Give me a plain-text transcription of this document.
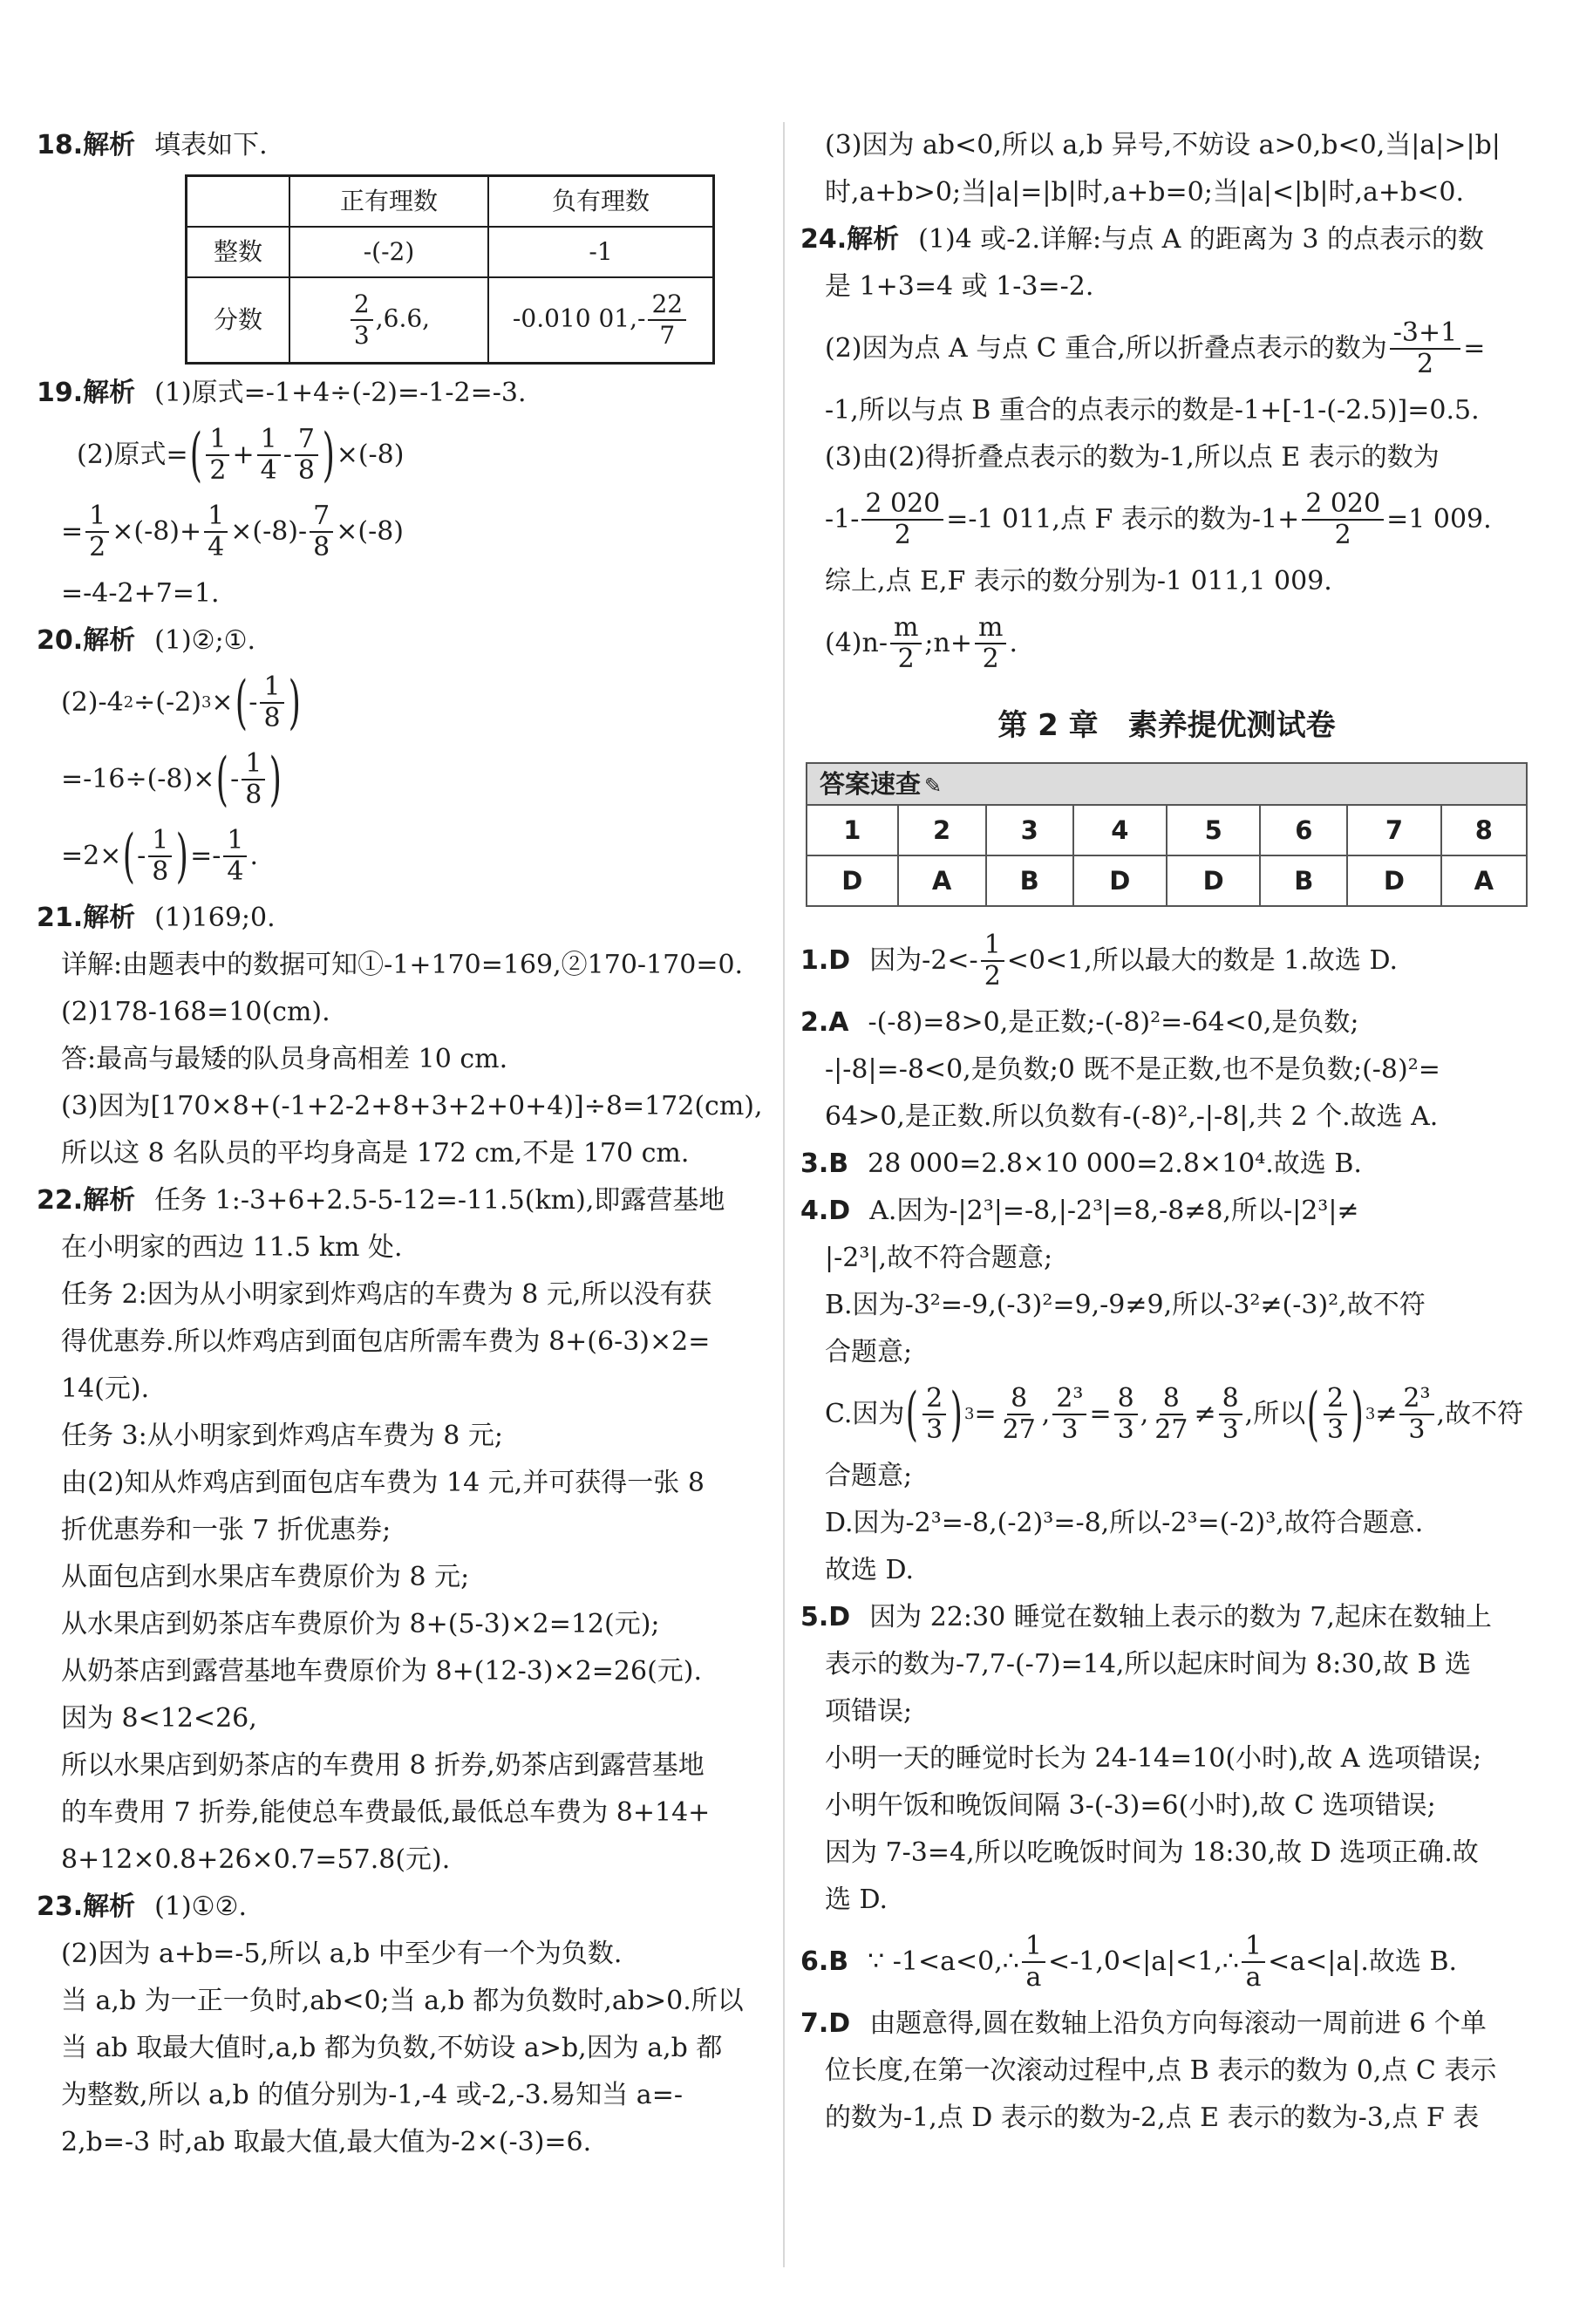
18.解析 填表如下.
	正有理数	负有理数
整数	-(-2)	-1
分数	$\frac{2}{3} ,6.6$,	-0.010 $01,- \frac{22}{7}$
19.解析 (1)原式=-1+4÷(-2)=-1-2=-3.
(2)原式= ( $\frac{1}{2} + \frac{1}{4} - \frac{7}{8}$ ) ×(-8)
= $\frac{1}{2} \times(-8)+ \frac{1}{4} \times(-8)- \frac{7}{8} \times(-8)$
=-4-2+7=1.
20.解析 (1)②;①.
(2)-4 2 ÷(-2) 3 × ( - $\frac{1}{8}$ )
=-16÷(-8)× ( - $\frac{1}{8}$ )
=2× ( - $\frac{1}{8}$ ) =- $\frac{1}{4}$ .
21.解析 (1)169;0.
详解:由题表中的数据可知①-1+170=169,②170-170=0.
(2)178-168=10(cm).
答:最高与最矮的队员身高相差 10 cm.
(3)因为[170×8+(-1+2-2+8+3+2+0+4)]÷8=172(cm),
所以这 8 名队员的平均身高是 172 cm,不是 170 cm.
22.解析 任务 1:-3+6+2.5-5-12=-11.5(km),即露营基地
在小明家的西边 11.5 km 处.
任务 2:因为从小明家到炸鸡店的车费为 8 元,所以没有获
得优惠券.所以炸鸡店到面包店所需车费为 8+(6-3)×2=
14(元).
任务 3:从小明家到炸鸡店车费为 8 元;
由(2)知从炸鸡店到面包店车费为 14 元,并可获得一张 8
折优惠券和一张 7 折优惠券;
从面包店到水果店车费原价为 8 元;
从水果店到奶茶店车费原价为 8+(5-3)×2=12(元);
从奶茶店到露营基地车费原价为 8+(12-3)×2=26(元).
因为 8<12<26,
所以水果店到奶茶店的车费用 8 折券,奶茶店到露营基地
的车费用 7 折券,能使总车费最低,最低总车费为 8+14+
8+12×0.8+26×0.7=57.8(元).
23.解析 (1)①②.
(2)因为 a+b=-5,所以 a,b 中至少有一个为负数.
当 a,b 为一正一负时,ab<0;当 a,b 都为负数时,ab>0.所以
当 ab 取最大值时,a,b 都为负数,不妨设 a>b,因为 a,b 都
为整数,所以 a,b 的值分别为-1,-4 或-2,-3.易知当 a=-
2,b=-3 时,ab 取最大值,最大值为-2×(-3)=6.
(3)因为 ab<0,所以 a,b 异号,不妨设 a>0,b<0,当|a|>|b|
时,a+b>0;当|a|=|b|时,a+b=0;当|a|<|b|时,a+b<0.
24.解析 (1)4 或-2.详解:与点 A 的距离为 3 的点表示的数
是 1+3=4 或 1-3=-2.
(2)因为点 A 与点 C 重合,所以折叠点表示的数为 $\frac{-3+1}{2}$ =
-1,所以与点 B 重合的点表示的数是-1+[-1-(-2.5)]=0.5.
(3)由(2)得折叠点表示的数为-1,所以点 E 表示的数为
$-1- \frac{2 020}{2} =-1$ 011,点 F 表示的数为$-1+ \frac{2 020}{2} =1$ 009.
综上,点 E,F 表示的数分别为-1 011,1 009.
$(4)n- \frac{m}{2}$ ;n+ $\frac{m}{2}$ .
第 2 章　素养提优测试卷
答案速查 ✎
1	2	3	4	5	6	7	8
D	A	B	D	D	B	D	A
1.D 因为$-2<- \frac{1}{2} <0<1$,所以最大的数是 1.故选 D.
2.A -(-8)=8>0,是正数;-(-8)²=-64<0,是负数;
-|-8|=-8<0,是负数;0 既不是正数,也不是负数;(-8)²=
64>0,是正数.所以负数有-(-8)²,-|-8|,共 2 个.故选 A.
3.B 28 000=2.8×10 000=2.8×10⁴.故选 B.
4.D A.因为-|2³|=-8,|-2³|=8,-8≠8,所以-|2³|≠
|-2³|,故不符合题意;
B.因为-3²=-9,(-3)²=9,-9≠9,所以-3²≠(-3)²,故不符
合题意;
C.因为 ( $\frac{2}{3}$ ) $3 = \frac{8}{27}$ , $\frac{\text{2³}}{3} = \frac{8}{3}$ , $\frac{8}{27} \ne \frac{8}{3}$ ,所以 ( $\frac{2}{3}$ ) $3 \ne \frac{\text{2³}}{3}$ ,故不符
合题意;
D.因为-2³=-8,(-2)³=-8,所以-2³=(-2)³,故符合题意.
故选 D.
5.D 因为 22:30 睡觉在数轴上表示的数为 7,起床在数轴上
表示的数为-7,7-(-7)=14,所以起床时间为 8:30,故 B 选
项错误;
小明一天的睡觉时长为 24-14=10(小时),故 A 选项错误;
小明午饭和晚饭间隔 3-(-3)=6(小时),故 C 选项错误;
因为 7-3=4,所以吃晚饭时间为 18:30,故 D 选项正确.故
选 D.
6.B ∵ -1<a<0,∴ $\frac{1}{a}$ <-1,0<|a|<1,∴ $\frac{1}{a} <a<|a|$.故选 B.
7.D 由题意得,圆在数轴上沿负方向每滚动一周前进 6 个单
位长度,在第一次滚动过程中,点 B 表示的数为 0,点 C 表示
的数为-1,点 D 表示的数为-2,点 E 表示的数为-3,点 F 表
